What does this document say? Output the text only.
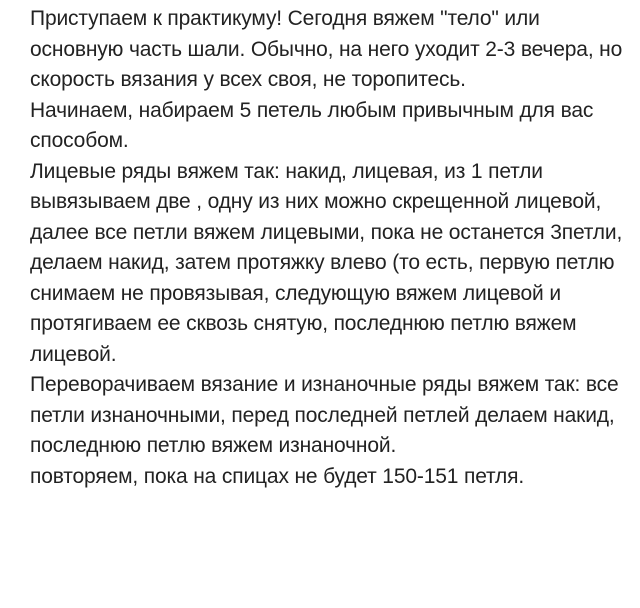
Приступаем к практикуму! Сегодня вяжем "тело" или основную часть шали. Обычно, на него уходит 2-3 вечера, но скорость вязания у всех своя, не торопитесь.

Начинаем, набираем 5 петель любым привычным для вас способом.

Лицевые ряды вяжем так: накид, лицевая, из 1 петли вывязываем две , одну из них можно скрещенной лицевой, далее все петли вяжем лицевыми, пока не останется 3петли, делаем накид, затем протяжку влево (то есть, первую петлю снимаем не провязывая, следующую вяжем лицевой и протягиваем ее сквозь снятую, последнюю петлю вяжем лицевой.

Переворачиваем вязание и изнаночные ряды вяжем так: все петли изнаночными, перед последней петлей делаем накид, последнюю петлю вяжем изнаночной.

повторяем, пока на спицах не будет 150-151 петля.
